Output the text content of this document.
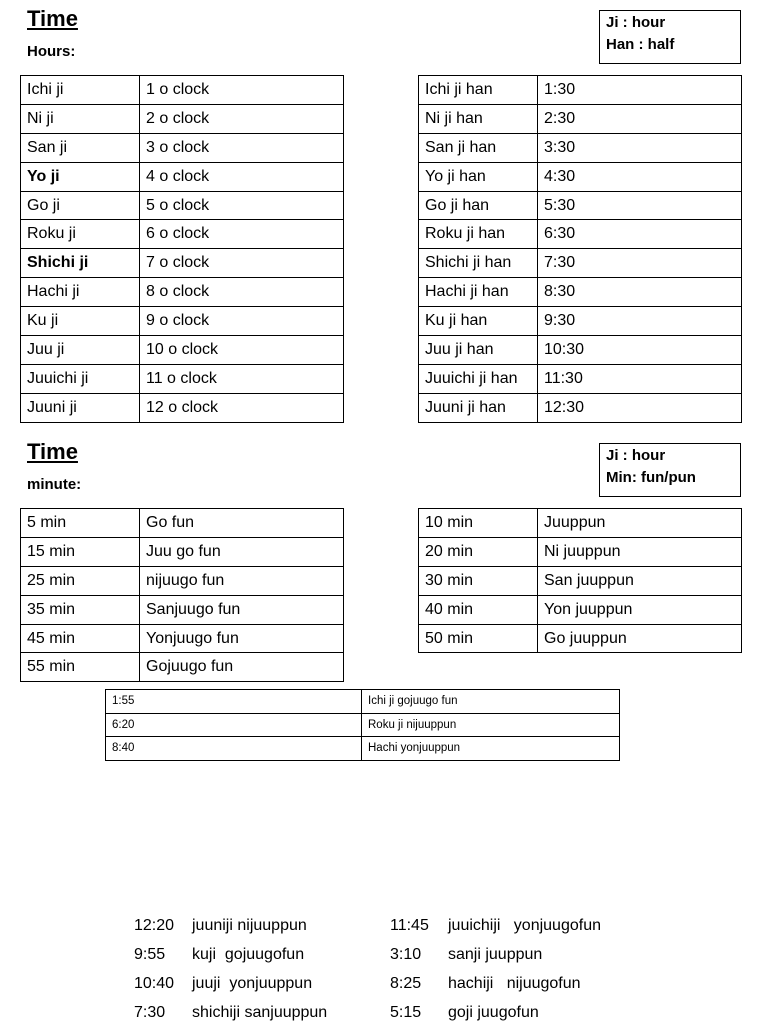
Time
Hours:
Ji : hour
Han : half
Ichi ji	1 o clock
Ni ji	2 o clock
San ji	3 o clock
Yo ji	4 o clock
Go ji	5 o clock
Roku ji	6 o clock
Shichi ji	7 o clock
Hachi ji	8 o clock
Ku ji	9 o clock
Juu ji	10 o clock
Juuichi ji	11 o clock
Juuni ji	12 o clock
Ichi ji han	1:30
Ni ji han	2:30
San ji han	3:30
Yo ji han	4:30
Go ji han	5:30
Roku ji han	6:30
Shichi ji han	7:30
Hachi ji han	8:30
Ku ji han	9:30
Juu ji han	10:30
Juuichi ji han	11:30
Juuni ji han	12:30
Time
minute:
Ji : hour
Min: fun/pun
5 min	Go fun
15 min	Juu go fun
25 min	nijuugo fun
35 min	Sanjuugo fun
45 min	Yonjuugo fun
55 min	Gojuugo fun
10 min	Juuppun
20 min	Ni juuppun
30 min	San juuppun
40 min	Yon juuppun
50 min	Go juuppun
1:55	Ichi ji gojuugo fun
6:20	Roku ji nijuuppun
8:40	Hachi yonjuuppun
12:20 juuniji nijuuppun
9:55 kuji  gojuugofun
10:40 juuji  yonjuuppun
7:30 shichiji sanjuuppun
11:45 juuichiji   yonjuugofun
3:10 sanji juuppun
8:25 hachiji   nijuugofun
5:15 goji juugofun
